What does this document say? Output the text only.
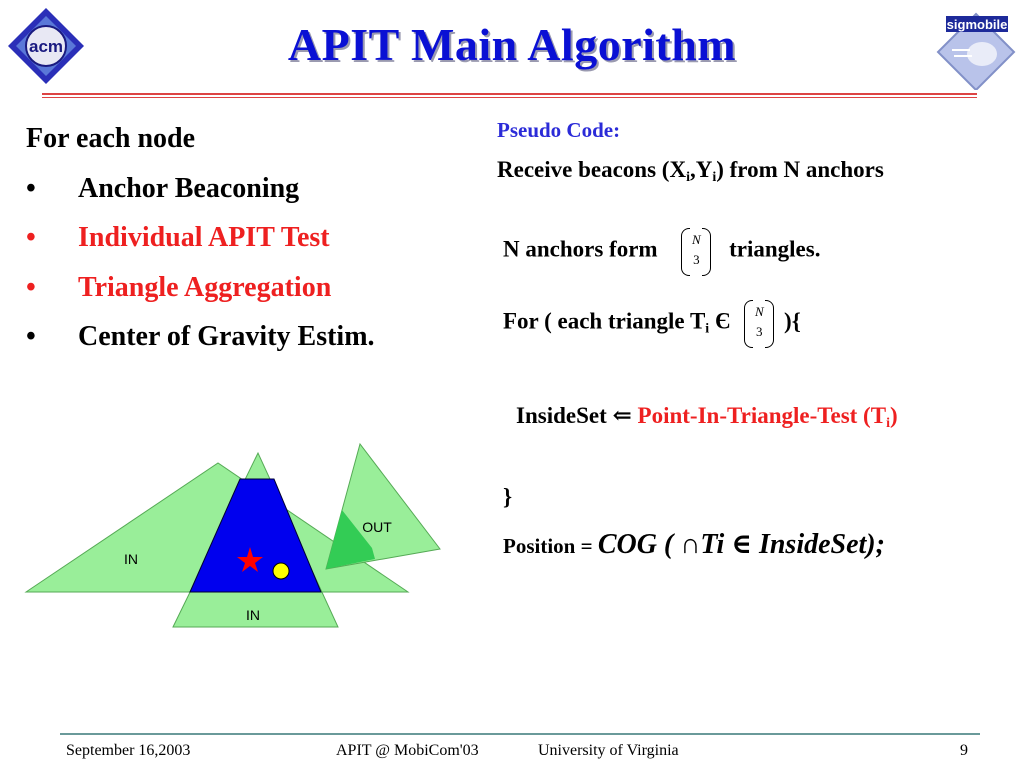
acm
sigmobile
APIT Main Algorithm
For each node
•	Anchor Beaconing
•	Individual APIT Test
•	Triangle Aggregation
•	Center of Gravity Estim.
Pseudo Code:
Receive beacons $(X_i,Y_i)$ from N anchors
N anchors form	N
3	triangles.
For ( each triangle $T_i$ Є	N
3 ){
InsideSet ⇐ Point-In-Triangle-Test $(T_i)$
}
Position = COG ( ∩Ti ∈ InsideSet);
IN
IN
OUT
September 16,2003	APIT @ MobiCom'03	University of Virginia	9
